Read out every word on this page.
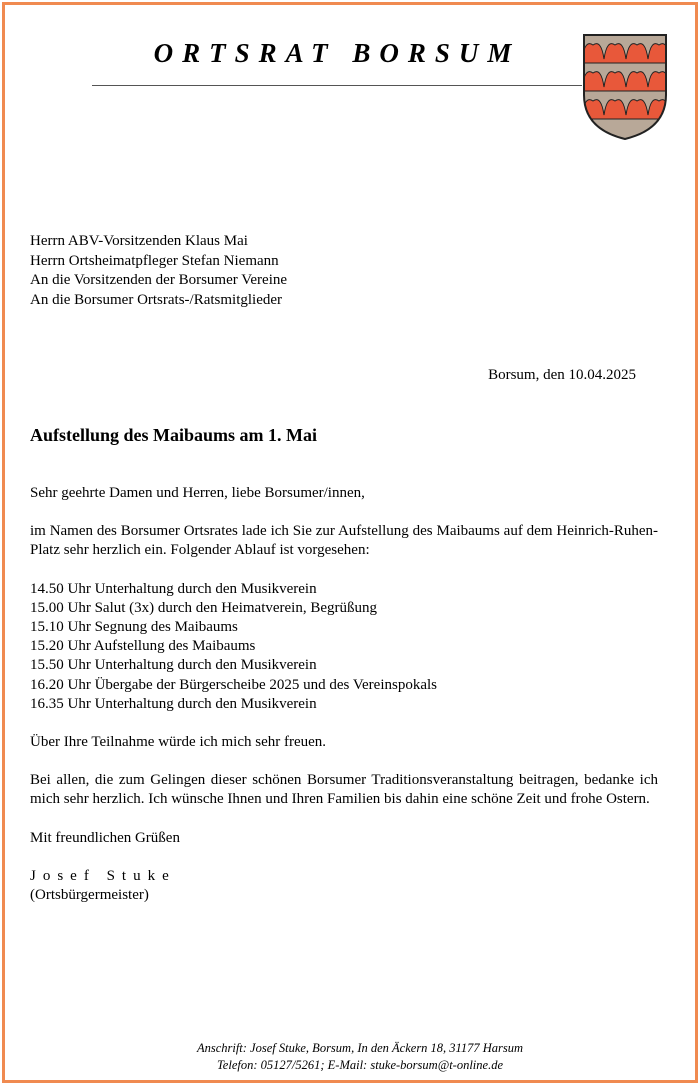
ORTSRAT BORSUM
Herrn ABV-Vorsitzenden Klaus Mai
Herrn Ortsheimatpfleger Stefan Niemann
An die Vorsitzenden der Borsumer Vereine
An die Borsumer Ortsrats-/Ratsmitglieder
Borsum, den 10.04.2025
Aufstellung des Maibaums am 1. Mai

Sehr geehrte Damen und Herren, liebe Borsumer/innen,

im Namen des Borsumer Ortsrates lade ich Sie zur Aufstellung des Maibaums auf dem Heinrich-Ruhen-Platz sehr herzlich ein. Folgender Ablauf ist vorgesehen:

14.50 Uhr Unterhaltung durch den Musikverein
15.00 Uhr Salut (3x) durch den Heimatverein, Begrüßung
15.10 Uhr Segnung des Maibaums
15.20 Uhr Aufstellung des Maibaums
15.50 Uhr Unterhaltung durch den Musikverein
16.20 Uhr Übergabe der Bürgerscheibe 2025 und des Vereinspokals
16.35 Uhr Unterhaltung durch den Musikverein

Über Ihre Teilnahme würde ich mich sehr freuen.

Bei allen, die zum Gelingen dieser schönen Borsumer Traditionsveranstaltung beitragen, bedanke ich mich sehr herzlich. Ich wünsche Ihnen und Ihren Familien bis dahin eine schöne Zeit und frohe Ostern.

Mit freundlichen Grüßen

Josef Stuke
(Ortsbürgermeister)
Anschrift: Josef Stuke, Borsum, In den Äckern 18, 31177 Harsum
Telefon: 05127/5261; E-Mail: stuke-borsum@t-online.de
